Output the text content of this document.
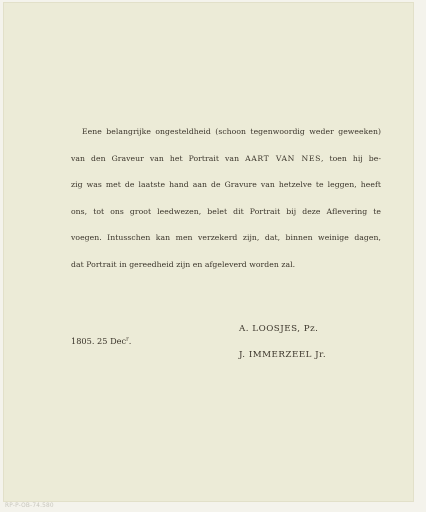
Eene belangrijke ongesteldheid (schoon tegenwoordig weder geweeken)
van den Graveur van het Portrait van AART VAN NES, toen hij be-
zig was met de laatste hand aan de Gravure van hetzelve te leggen, heeft
ons, tot ons groot leedwezen, belet dit Portrait bij deze Aflevering te
voegen. Intusschen kan men verzekerd zijn, dat, binnen weinige dagen,
dat Portrait in gereedheid zijn en afgeleverd worden zal.
1805. 25 Dec$^r$.
A. LOOSJES, Pz.
J. IMMERZEEL Jr.
RP-P-OB-74.580
